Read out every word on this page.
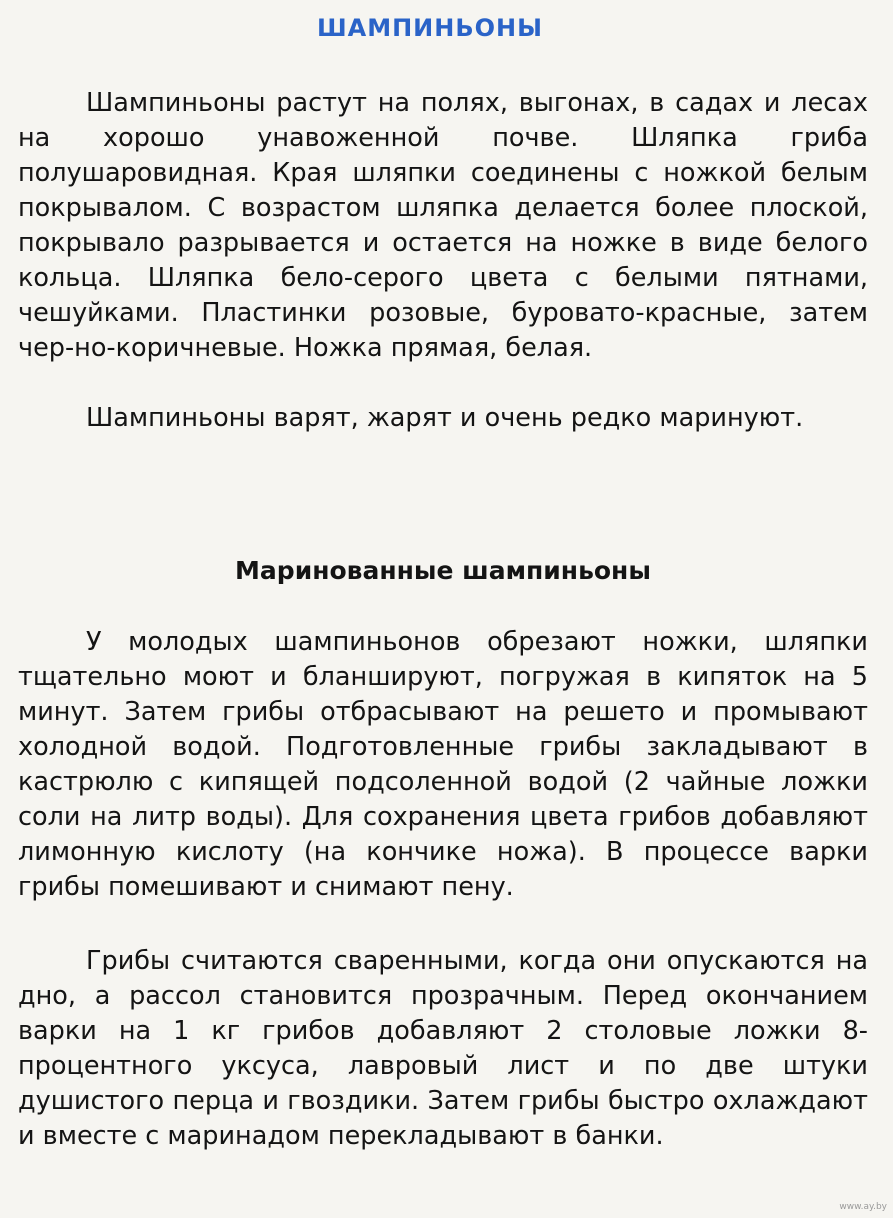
ШАМПИНЬОНЫ

Шампиньоны растут на полях, выгонах, в садах и лесах на хорошо унавоженной почве. Шляпка гриба полушаровидная. Края шляпки соединены с ножкой белым покрывалом. С возрастом шляпка делается более плоской, покрывало разрывается и остается на ножке в виде белого кольца. Шляпка бело-серого цвета с белыми пятнами, чешуйками. Пластинки розовые, буровато-красные, затем чер-но-коричневые. Ножка прямая, белая.

Шампиньоны варят, жарят и очень редко маринуют.

Маринованные шампиньоны

У молодых шампиньонов обрезают ножки, шляпки тщательно моют и бланшируют, погружая в кипяток на 5 минут. Затем грибы отбрасывают на решето и промывают холодной водой. Подготовленные грибы закладывают в кастрюлю с кипящей подсоленной водой (2 чайные ложки соли на литр воды). Для сохранения цвета грибов добавляют лимонную кислоту (на кончике ножа). В процессе варки грибы помешивают и снимают пену.

Грибы считаются сваренными, когда они опускаются на дно, а рассол становится прозрачным. Перед окончанием варки на 1 кг грибов добавляют 2 столовые ложки 8-процентного уксуса, лавровый лист и по две штуки душистого перца и гвоздики. Затем грибы быстро охлаждают и вместе с маринадом перекладывают в банки.

www.ay.by
